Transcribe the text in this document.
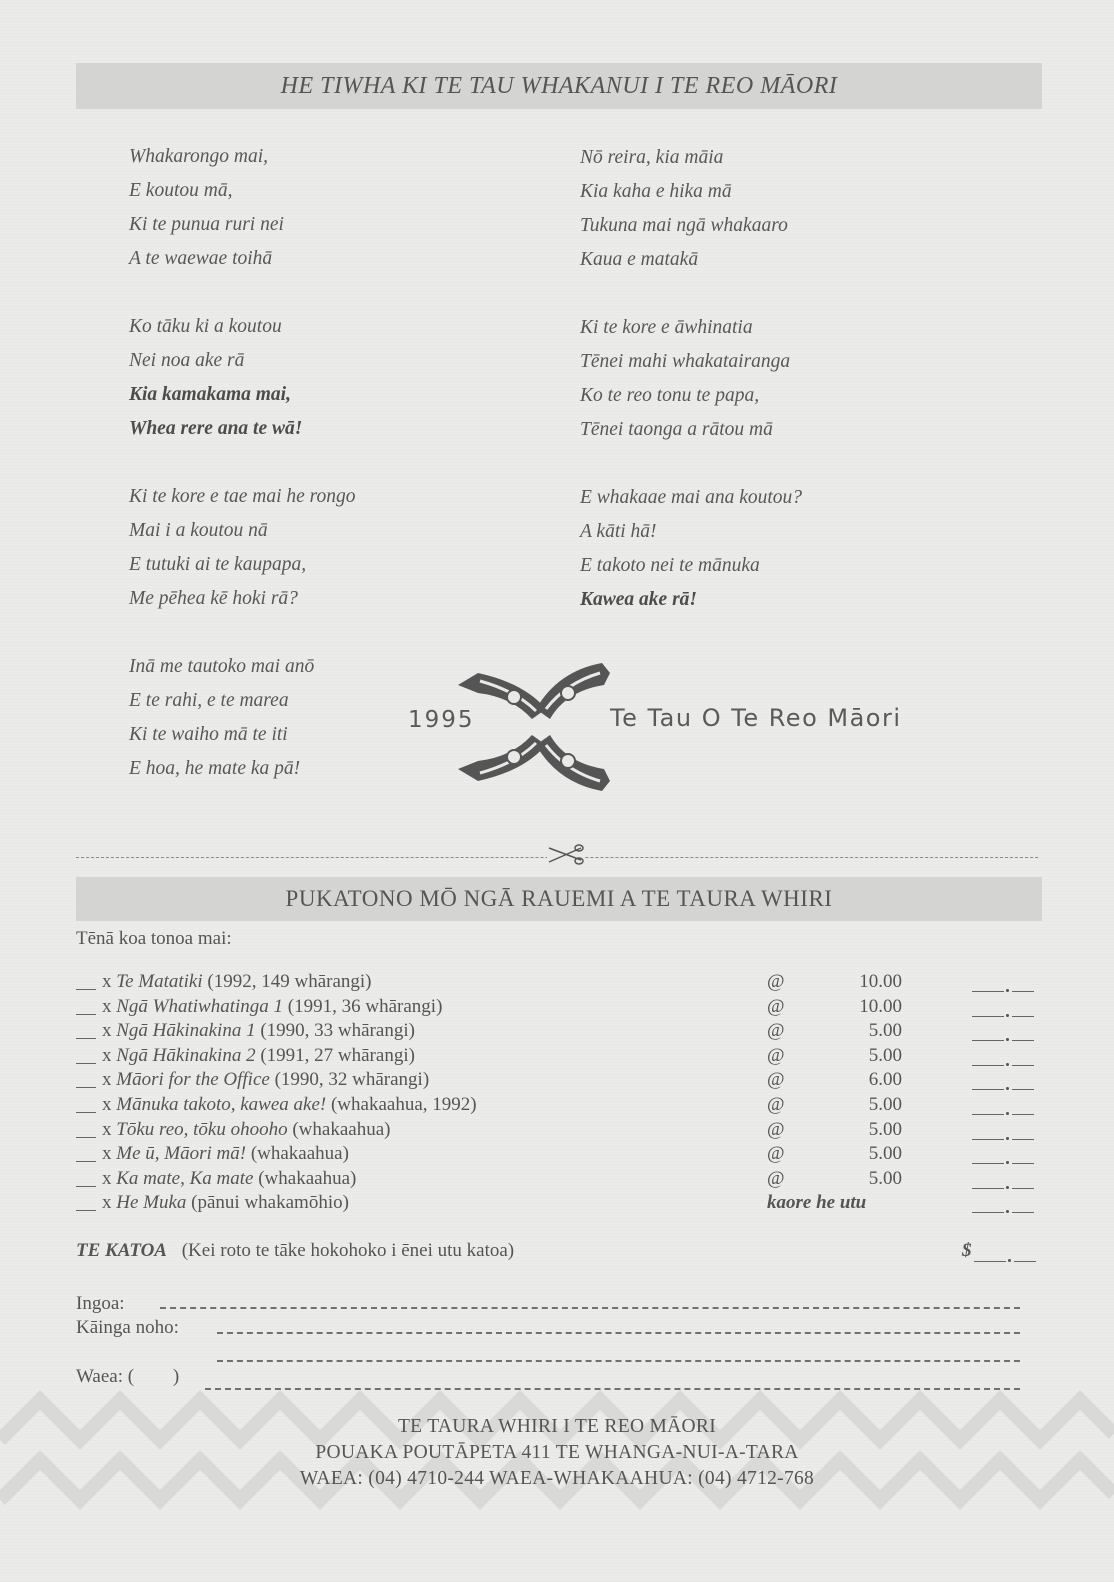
HE TIWHA KI TE TAU WHAKANUI I TE REO MĀORI
Whakarongo mai,
E koutou mā,
Ki te punua ruri nei
A te waewae toihā
Ko tāku ki a koutou
Nei noa ake rā
Kia kamakama mai,
Whea rere ana te wā!
Ki te kore e tae mai he rongo
Mai i a koutou nā
E tutuki ai te kaupapa,
Me pēhea kē hoki rā?
Inā me tautoko mai anō
E te rahi, e te marea
Ki te waiho mā te iti
E hoa, he mate ka pā!
Nō reira, kia māia
Kia kaha e hika mā
Tukuna mai ngā whakaaro
Kaua e matakā
Ki te kore e āwhinatia
Tēnei mahi whakatairanga
Ko te reo tonu te papa,
Tēnei taonga a rātou mā
E whakaae mai ana koutou?
A kāti hā!
E takoto nei te mānuka
Kawea ake rā!
1995	Te Tau O Te Reo Māori
PUKATONO MŌ NGĀ RAUEMI A TE TAURA WHIRI
Tēnā koa tonoa mai:
x Te Matatiki (1992, 149 whārangi)	@	10.00
x Ngā Whatiwhatinga 1 (1991, 36 whārangi)	@	10.00
x Ngā Hākinakina 1 (1990, 33 whārangi)	@	5.00
x Ngā Hākinakina 2 (1991, 27 whārangi)	@	5.00
x Māori for the Office (1990, 32 whārangi)	@	6.00
x Mānuka takoto, kawea ake! (whakaahua, 1992)	@	5.00
x Tōku reo, tōku ohooho (whakaahua)	@	5.00
x Me ū, Māori mā! (whakaahua)	@	5.00
x Ka mate, Ka mate (whakaahua)	@	5.00
x He Muka (pānui whakamōhio)	kaore he utu
TE KATOA (Kei roto te tāke hokohoko i ēnei utu katoa)	$
Ingoa:
Kāinga noho:
Waea: ( )
TE TAURA WHIRI I TE REO MĀORI
POUAKA POUTĀPETA 411 TE WHANGA-NUI-A-TARA
WAEA: (04) 4710-244 WAEA-WHAKAAHUA: (04) 4712-768
